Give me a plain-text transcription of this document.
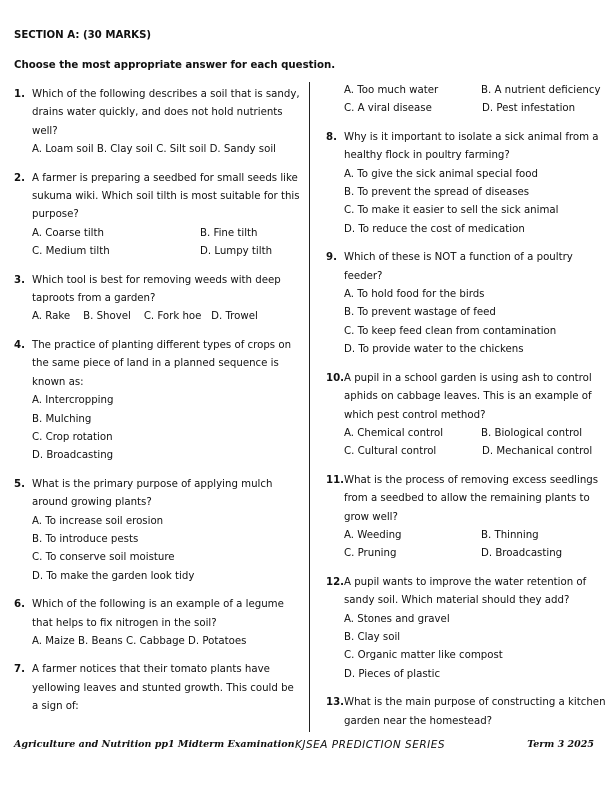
SECTION A: (30 MARKS)
Choose the most appropriate answer for each question.
1. Which of the following describes a soil that is sandy, drains water quickly, and does not hold nutrients well?
A. Loam soil B. Clay soil C. Silt soil D. Sandy soil
2. A farmer is preparing a seedbed for small seeds like sukuma wiki. Which soil tilth is most suitable for this purpose?
A. Coarse tilth	B. Fine tilth
C. Medium tilth	D. Lumpy tilth
3. Which tool is best for removing weeds with deep taproots from a garden?
A. Rake    B. Shovel    C. Fork hoe   D. Trowel
4. The practice of planting different types of crops on the same piece of land in a planned sequence is known as:
A. Intercropping
B. Mulching
C. Crop rotation
D. Broadcasting
5. What is the primary purpose of applying mulch around growing plants?
A. To increase soil erosion
B. To introduce pests
C. To conserve soil moisture
D. To make the garden look tidy
6. Which of the following is an example of a legume that helps to fix nitrogen in the soil?
A. Maize B. Beans C. Cabbage D. Potatoes
7. A farmer notices that their tomato plants have yellowing leaves and stunted growth. This could be a sign of:
A. Too much water	B. A nutrient deficiency
C. A viral disease	D. Pest infestation
8. Why is it important to isolate a sick animal from a healthy flock in poultry farming?
A. To give the sick animal special food
B. To prevent the spread of diseases
C. To make it easier to sell the sick animal
D. To reduce the cost of medication
9. Which of these is NOT a function of a poultry feeder?
A. To hold food for the birds
B. To prevent wastage of feed
C. To keep feed clean from contamination
D. To provide water to the chickens
10. A pupil in a school garden is using ash to control aphids on cabbage leaves. This is an example of which pest control method?
A. Chemical control	B. Biological control
C. Cultural control	D. Mechanical control
11. What is the process of removing excess seedlings from a seedbed to allow the remaining plants to grow well?
A. Weeding	B. Thinning
C. Pruning	D. Broadcasting
12. A pupil wants to improve the water retention of sandy soil. Which material should they add?
A. Stones and gravel
B. Clay soil
C. Organic matter like compost
D. Pieces of plastic
13. What is the main purpose of constructing a kitchen garden near the homestead?
Agriculture and Nutrition pp1 Midterm Examination KJSEA PREDICTION SERIES	Term 3 2025
